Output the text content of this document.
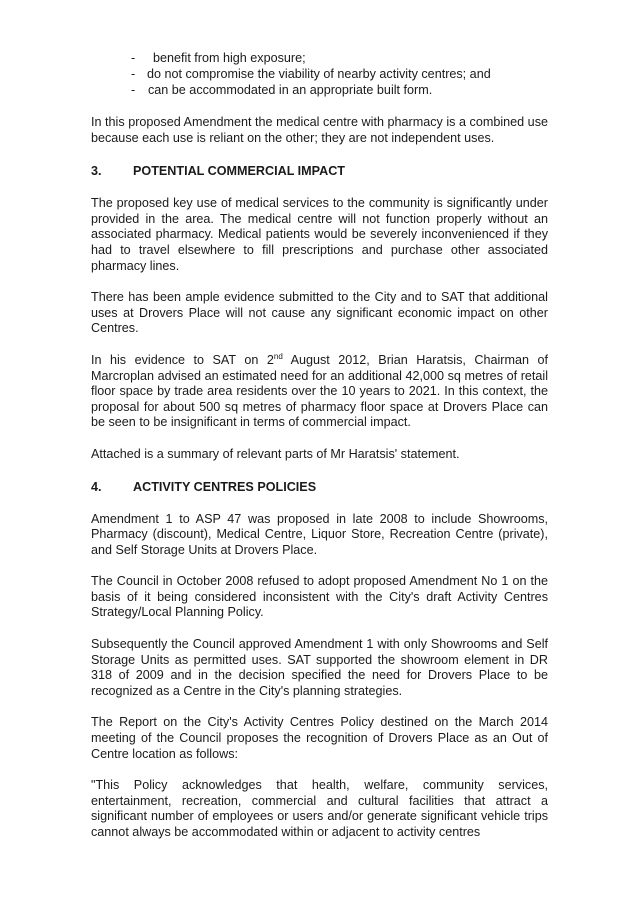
-	benefit from high exposure;
- do not compromise the viability of nearby activity centres; and
-	can be accommodated in an appropriate built form.

In this proposed Amendment the medical centre with pharmacy is a combined use because each use is reliant on the other; they are not independent uses.

3.	POTENTIAL COMMERCIAL IMPACT

The proposed key use of medical services to the community is significantly under provided in the area. The medical centre will not function properly without an associated pharmacy. Medical patients would be severely inconvenienced if they had to travel elsewhere to fill prescriptions and purchase other associated pharmacy lines.

There has been ample evidence submitted to the City and to SAT that additional uses at Drovers Place will not cause any significant economic impact on other Centres.

In his evidence to SAT on 2nd August 2012, Brian Haratsis, Chairman of Marcroplan advised an estimated need for an additional 42,000 sq metres of retail floor space by trade area residents over the 10 years to 2021. In this context, the proposal for about 500 sq metres of pharmacy floor space at Drovers Place can be seen to be insignificant in terms of commercial impact.

Attached is a summary of relevant parts of Mr Haratsis' statement.

4.	ACTIVITY CENTRES POLICIES

Amendment 1 to ASP 47 was proposed in late 2008 to include Showrooms, Pharmacy (discount), Medical Centre, Liquor Store, Recreation Centre (private), and Self Storage Units at Drovers Place.

The Council in October 2008 refused to adopt proposed Amendment No 1 on the basis of it being considered inconsistent with the City's draft Activity Centres Strategy/Local Planning Policy.

Subsequently the Council approved Amendment 1 with only Showrooms and Self Storage Units as permitted uses. SAT supported the showroom element in DR 318 of 2009 and in the decision specified the need for Drovers Place to be recognized as a Centre in the City's planning strategies.

The Report on the City's Activity Centres Policy destined on the March 2014 meeting of the Council proposes the recognition of Drovers Place as an Out of Centre location as follows:

"This Policy acknowledges that health, welfare, community services, entertainment, recreation, commercial and cultural facilities that attract a significant number of employees or users and/or generate significant vehicle trips cannot always be accommodated within or adjacent to activity centres
